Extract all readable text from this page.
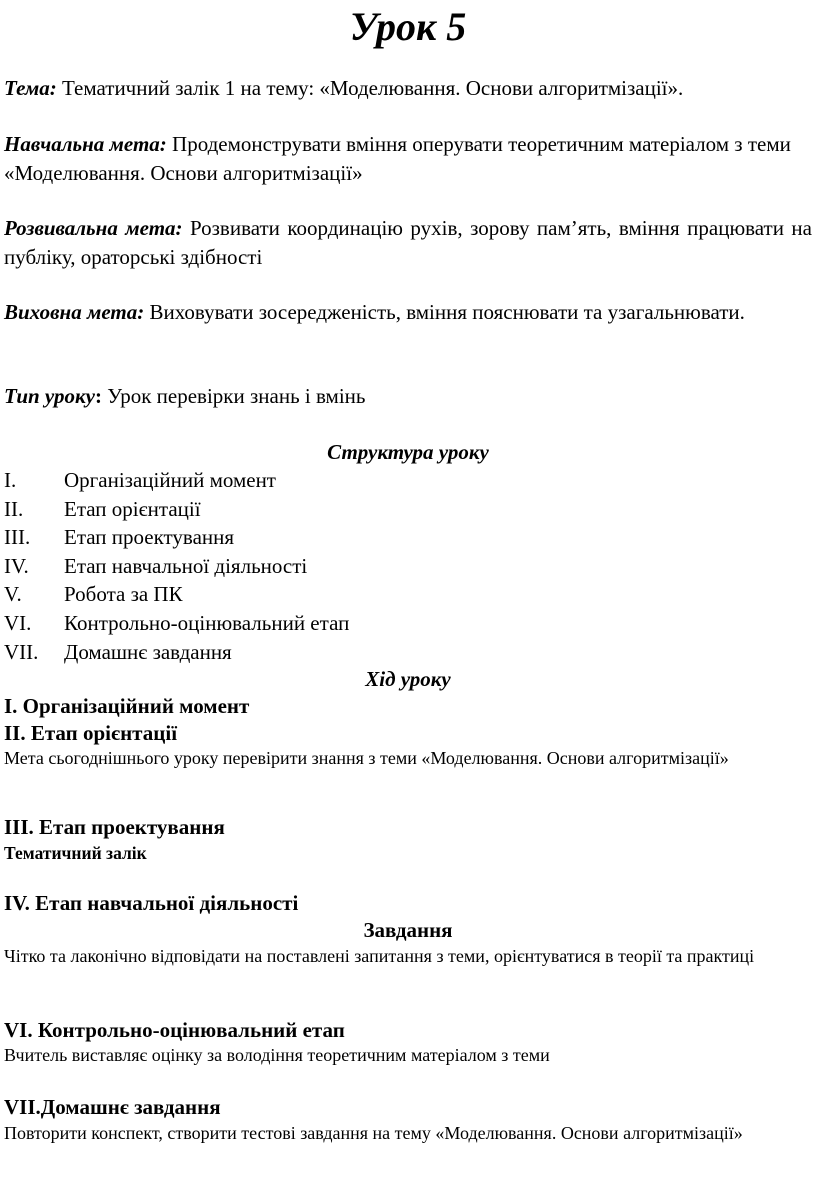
Урок 5

Тема: Тематичний залік 1 на тему: «Моделювання. Основи алгоритмізації».

Навчальна мета: Продемонструвати вміння оперувати теоретичним матеріалом з теми «Моделювання. Основи алгоритмізації»

Розвивальна мета: Розвивати координацію рухів, зорову пам’ять, вміння працювати на публіку, ораторські здібності

Виховна мета: Виховувати зосередженість, вміння пояснювати та узагальнювати.

Тип уроку: Урок перевірки знань і вмінь

Структура уроку
I.	Організаційний момент
II.	Етап орієнтації
III.	Етап проектування
IV.	Етап навчальної діяльності
V.	Робота за ПК
VI.	Контрольно-оцінювальний етап
VII.	Домашнє завдання
Хід уроку
I. Організаційний момент
II. Етап орієнтації

Мета сьогоднішнього уроку перевірити знання з теми «Моделювання. Основи алгоритмізації»

III. Етап проектування
Тематичний залік
IV. Етап навчальної діяльності
Завдання

Чітко та лаконічно відповідати на поставлені запитання з теми, орієнтуватися в теорії та практиці

VI. Контрольно-оцінювальний етап

Вчитель виставляє оцінку за володіння теоретичним матеріалом з теми

VII.Домашнє завдання

Повторити конспект, створити тестові завдання на тему «Моделювання. Основи алгоритмізації»
